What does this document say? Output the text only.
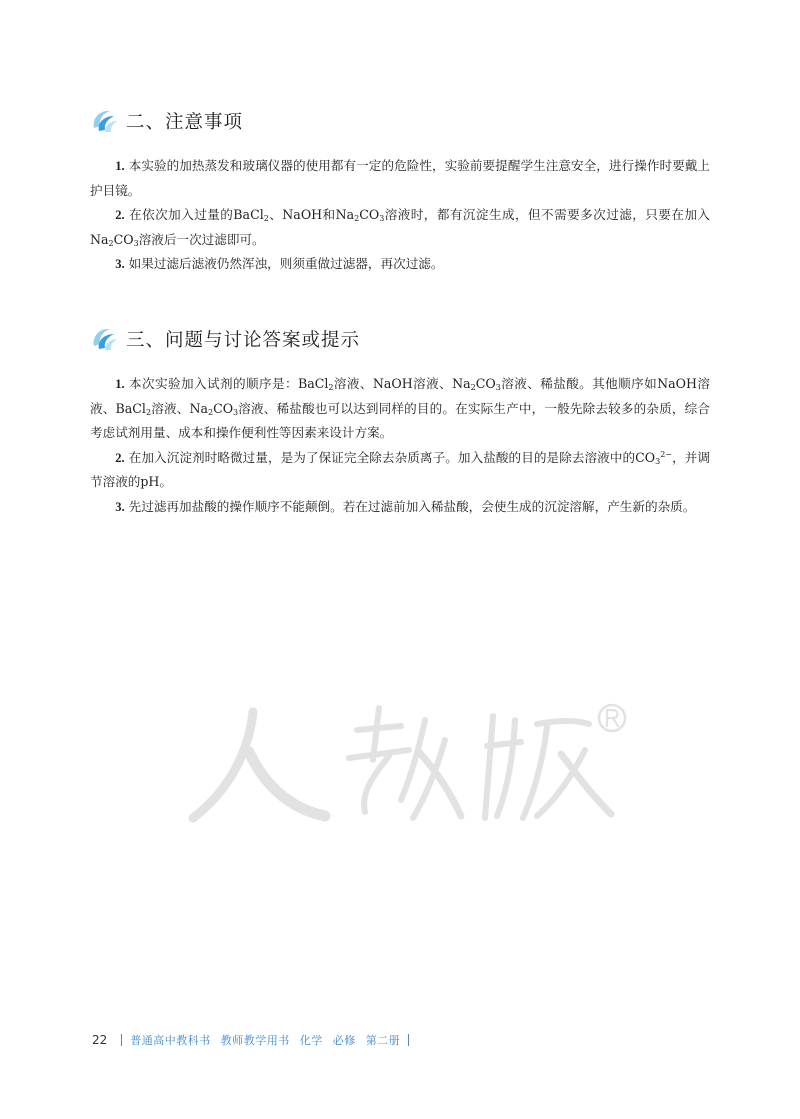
二、注意事项

1. 本实验的加热蒸发和玻璃仪器的使用都有一定的危险性，实验前要提醒学生注意安全，进行操作时要戴上护目镜。

2. 在依次加入过量的BaCl$_2$、NaOH和$Na_2CO_3$溶液时，都有沉淀生成，但不需要多次过滤，只要在加入$Na_2CO_3$溶液后一次过滤即可。

3. 如果过滤后滤液仍然浑浊，则须重做过滤器，再次过滤。

三、问题与讨论答案或提示

1. 本次实验加入试剂的顺序是：BaCl$_2$溶液、NaOH溶液、$Na_2CO_3$溶液、稀盐酸。其他顺序如NaOH溶液、BaCl$_2$溶液、$Na_2CO_3$溶液、稀盐酸也可以达到同样的目的。在实际生产中，一般先除去较多的杂质，综合考虑试剂用量、成本和操作便利性等因素来设计方案。

2. 在加入沉淀剂时略微过量，是为了保证完全除去杂质离子。加入盐酸的目的是除去溶液中的$CO_3^{2-}$，并调节溶液的pH。

3. 先过滤再加盐酸的操作顺序不能颠倒。若在过滤前加入稀盐酸，会使生成的沉淀溶解，产生新的杂质。

22 普通高中教科书 教师教学用书 化学 必修 第二册
